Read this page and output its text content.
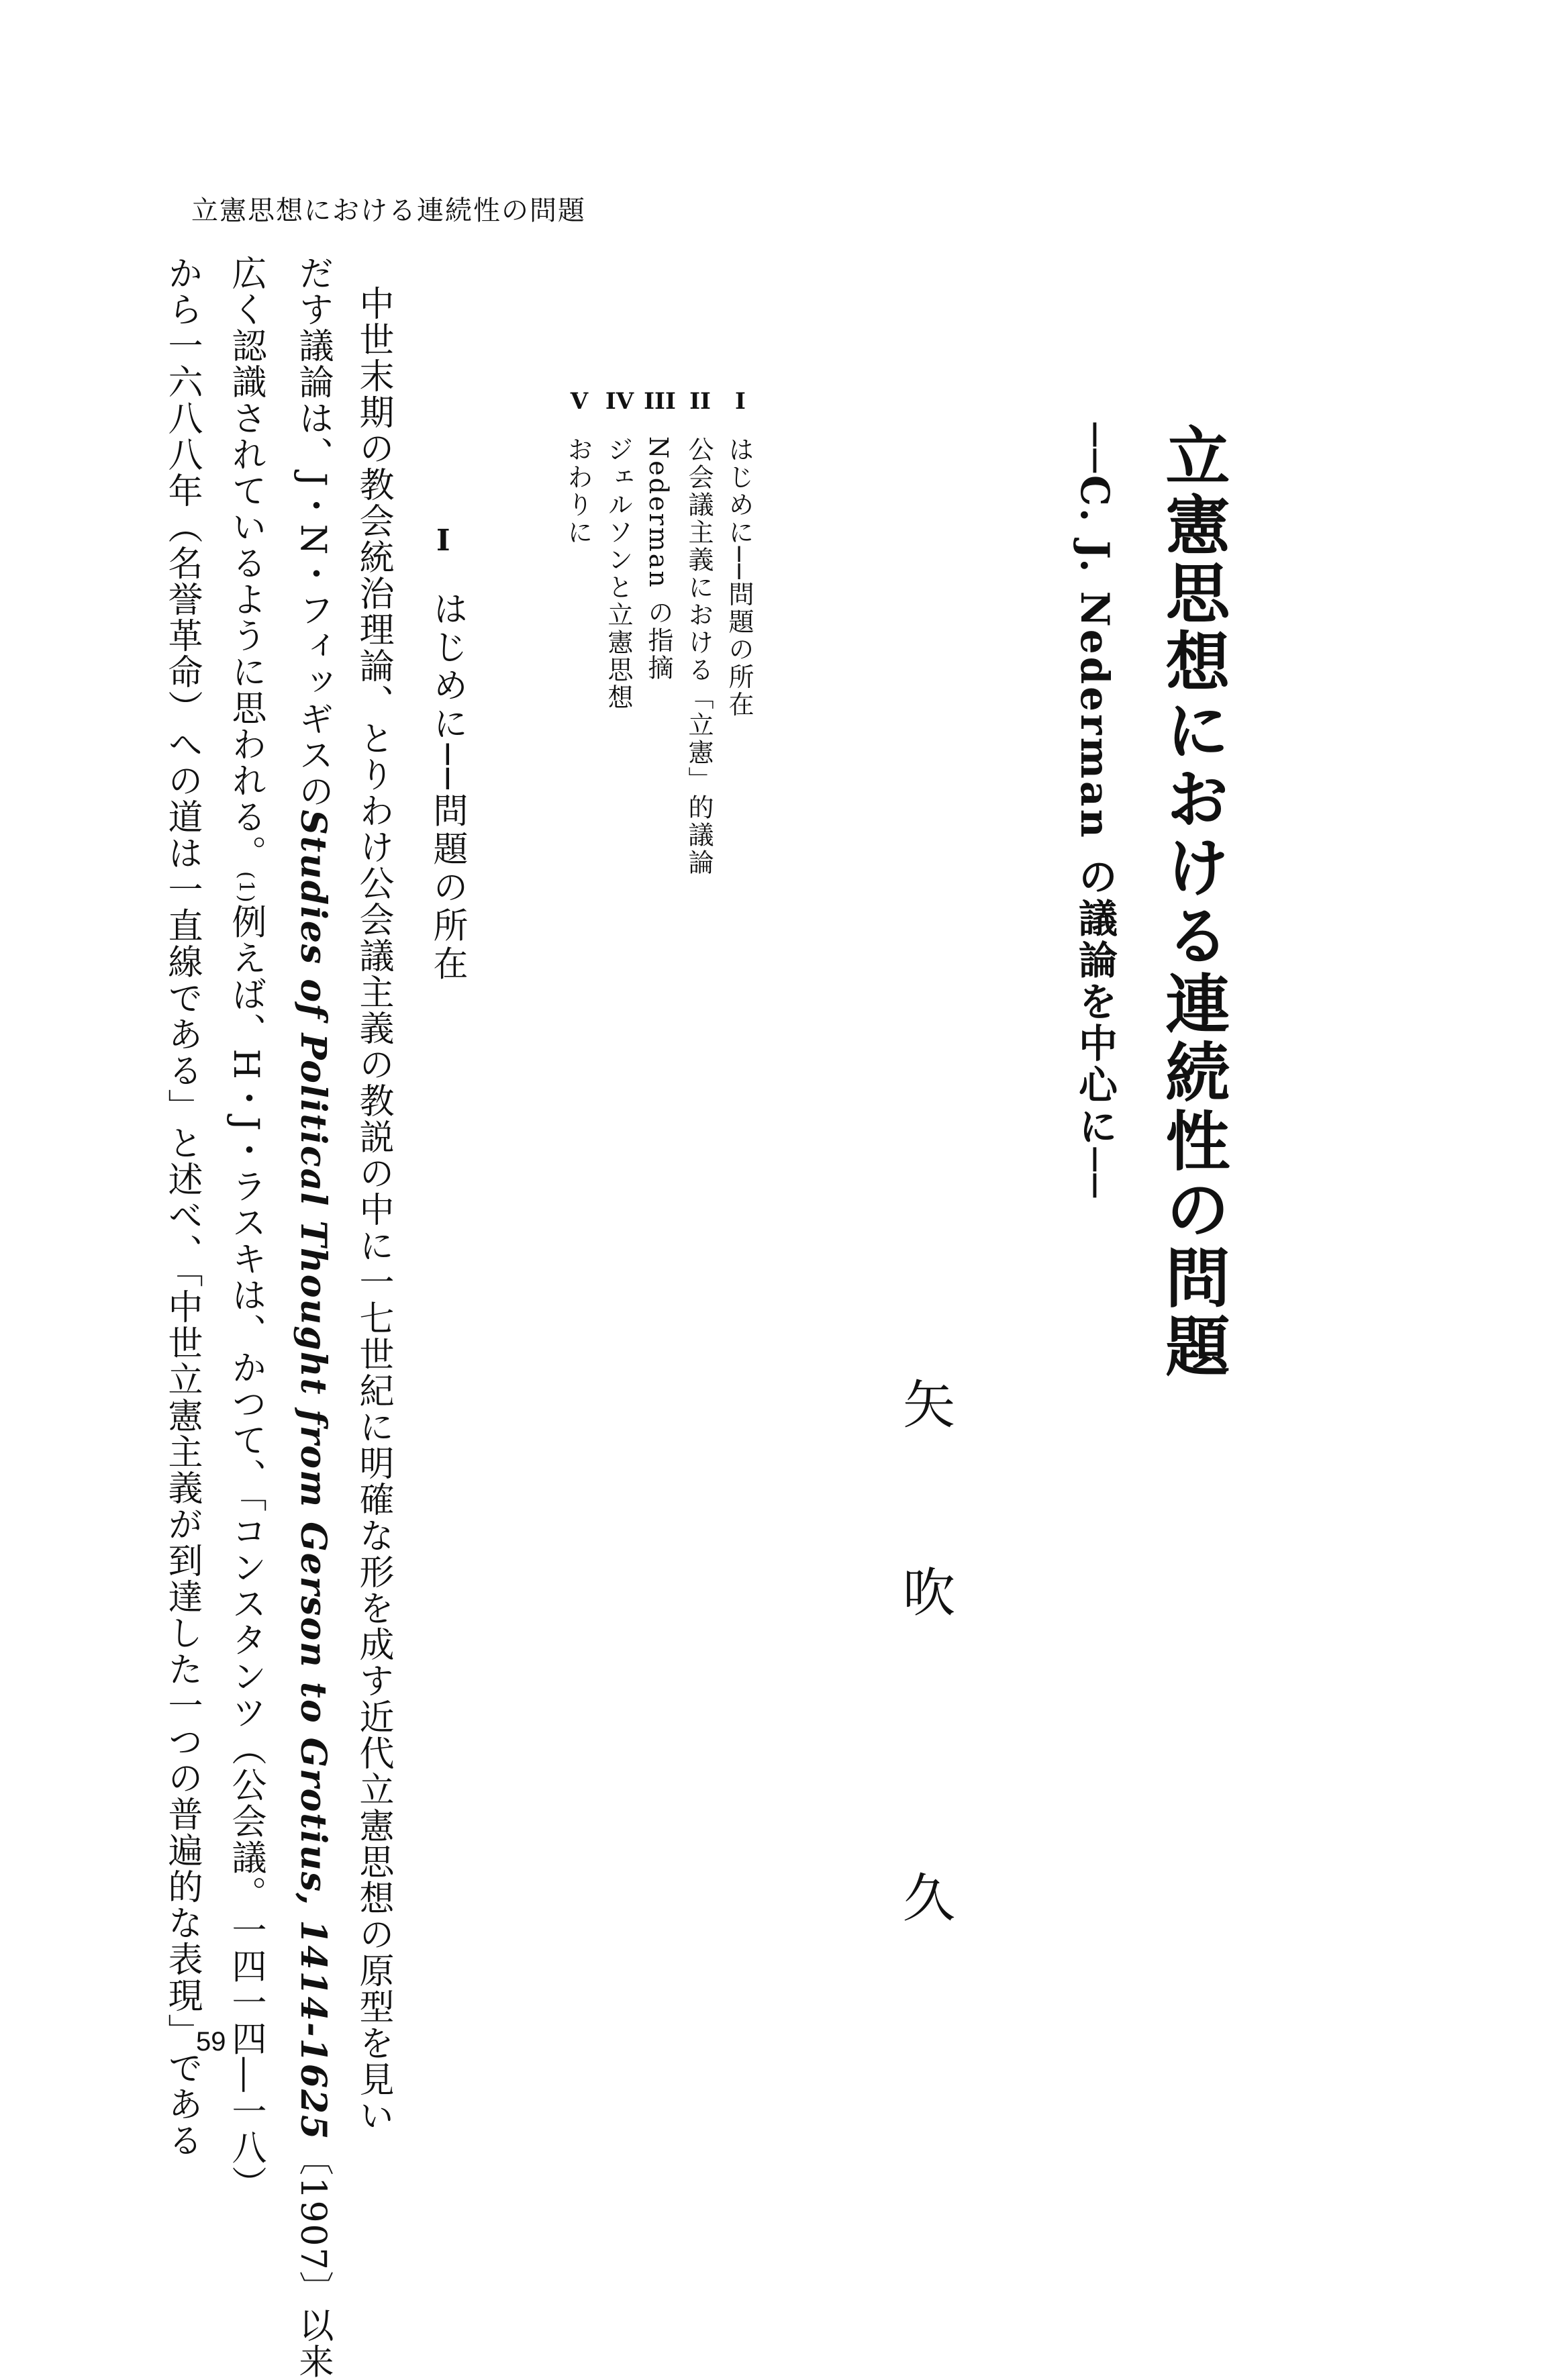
立憲思想における連続性の問題
立憲思想における連続性の問題
──C. J. Nederman の議論を中心に──
矢
吹
久
I
はじめに──問題の所在
II
公会議主義における「立憲」的議論
III
Nederman の指摘
IV
ジェルソンと立憲思想
V
おわりに
I
はじめに──問題の所在
中世末期の教会統治理論、とりわけ公会議主義の教説の中に一七世紀に明確な形を成す近代立憲思想の原型を見い
だす議論は、J・N・フィッギスのStudies of Political Thought from Gerson to Grotius, 1414-1625〔1907〕以来
広く認識されているように思われる。(1)例えば、H・J・ラスキは、かつて、「コンスタンツ（公会議。一四一四―一八）
から一六八八年（名誉革命）への道は一直線である」と述べ、「中世立憲主義が到達した一つの普遍的な表現」である
59
